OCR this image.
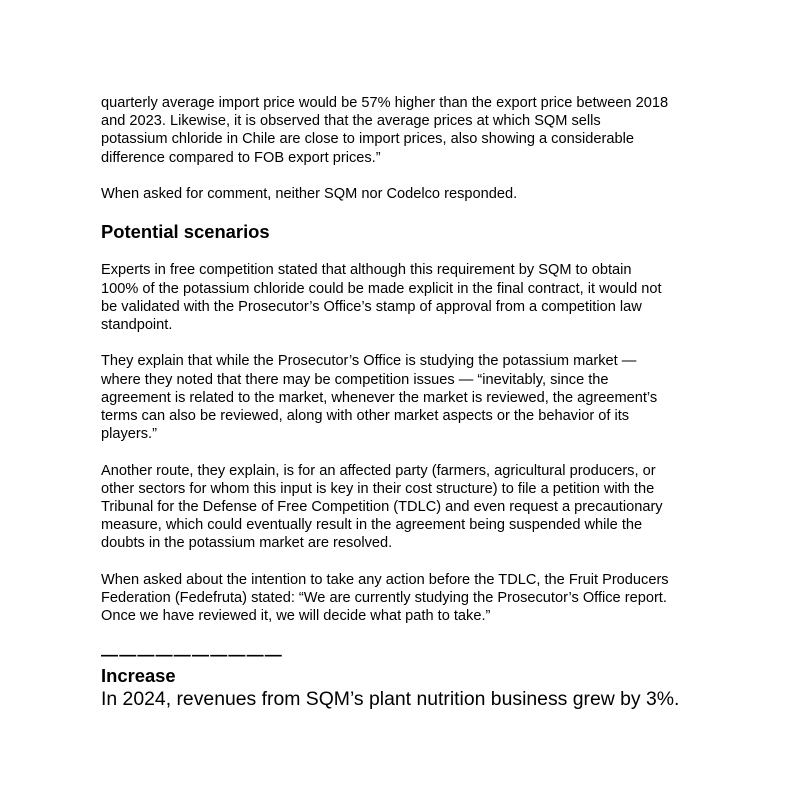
quarterly average import price would be 57% higher than the export price between 2018
and 2023. Likewise, it is observed that the average prices at which SQM sells
potassium chloride in Chile are close to import prices, also showing a considerable
difference compared to FOB export prices.”

When asked for comment, neither SQM nor Codelco responded.

Potential scenarios

Experts in free competition stated that although this requirement by SQM to obtain
100% of the potassium chloride could be made explicit in the final contract, it would not
be validated with the Prosecutor’s Office’s stamp of approval from a competition law
standpoint.

They explain that while the Prosecutor’s Office is studying the potassium market —
where they noted that there may be competition issues — “inevitably, since the
agreement is related to the market, whenever the market is reviewed, the agreement’s
terms can also be reviewed, along with other market aspects or the behavior of its
players.”

Another route, they explain, is for an affected party (farmers, agricultural producers, or
other sectors for whom this input is key in their cost structure) to file a petition with the
Tribunal for the Defense of Free Competition (TDLC) and even request a precautionary
measure, which could eventually result in the agreement being suspended while the
doubts in the potassium market are resolved.

When asked about the intention to take any action before the TDLC, the Fruit Producers
Federation (Fedefruta) stated: “We are currently studying the Prosecutor’s Office report.
Once we have reviewed it, we will decide what path to take.”

——————————

Increase

In 2024, revenues from SQM’s plant nutrition business grew by 3%.
